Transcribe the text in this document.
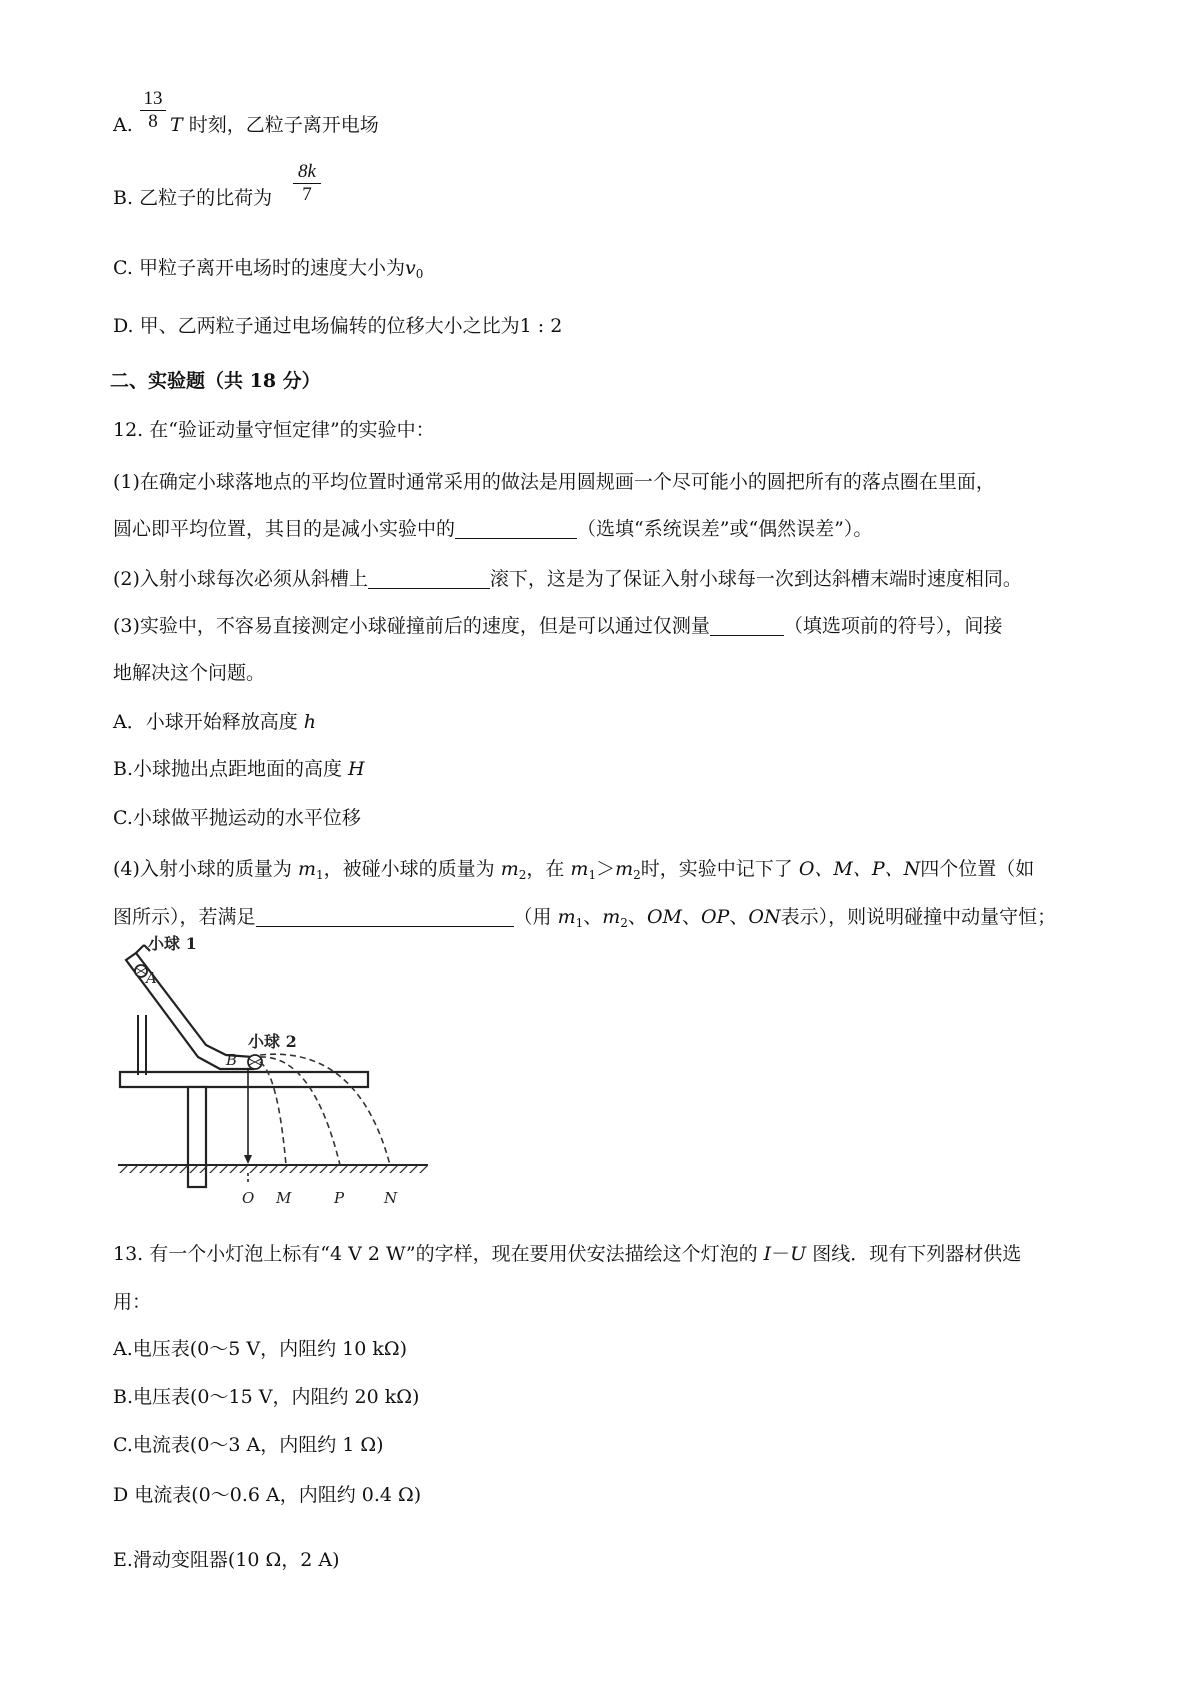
A. $\frac{13}{8}$ T 时刻，乙粒子离开电场
B. 乙粒子的比荷为 $\frac{8k}{7}$
C. 甲粒子离开电场时的速度大小为$v_0$
D. 甲、乙两粒子通过电场偏转的位移大小之比为1 : 2
二、实验题（共 18 分）
12. 在“验证动量守恒定律”的实验中：
(1)在确定小球落地点的平均位置时通常采用的做法是用圆规画一个尽可能小的圆把所有的落点圈在里面，
圆心即平均位置，其目的是减小实验中的	（选填“系统误差”或“偶然误差”）。
(2)入射小球每次必须从斜槽上	滚下，这是为了保证入射小球每一次到达斜槽末端时速度相同。
(3)实验中，不容易直接测定小球碰撞前后的速度，但是可以通过仅测量	（填选项前的符号），间接
地解决这个问题。
A．小球开始释放高度 h
B.小球抛出点距地面的高度 H
C.小球做平抛运动的水平位移
(4)入射小球的质量为 $m_1$，被碰小球的质量为 $m_2$，在 $m_1>m_2$时，实验中记下了 O、M、P、N四个位置（如
图所示），若满足	（用 $m_1$、$m_2$、OM、OP、ON表示），则说明碰撞中动量守恒；
小球 1
A
小球 2
B
O M	P	N
13. 有一个小灯泡上标有“4 V 2 W”的字样，现在要用伏安法描绘这个灯泡的 I－U 图线．现有下列器材供选
用：
A.电压表(0～5 V，内阻约 10 kΩ)
B.电压表(0～15 V，内阻约 20 kΩ)
C.电流表(0～3 A，内阻约 1 Ω)
D 电流表(0～0.6 A，内阻约 0.4 Ω)
E.滑动变阻器(10 Ω，2 A)
